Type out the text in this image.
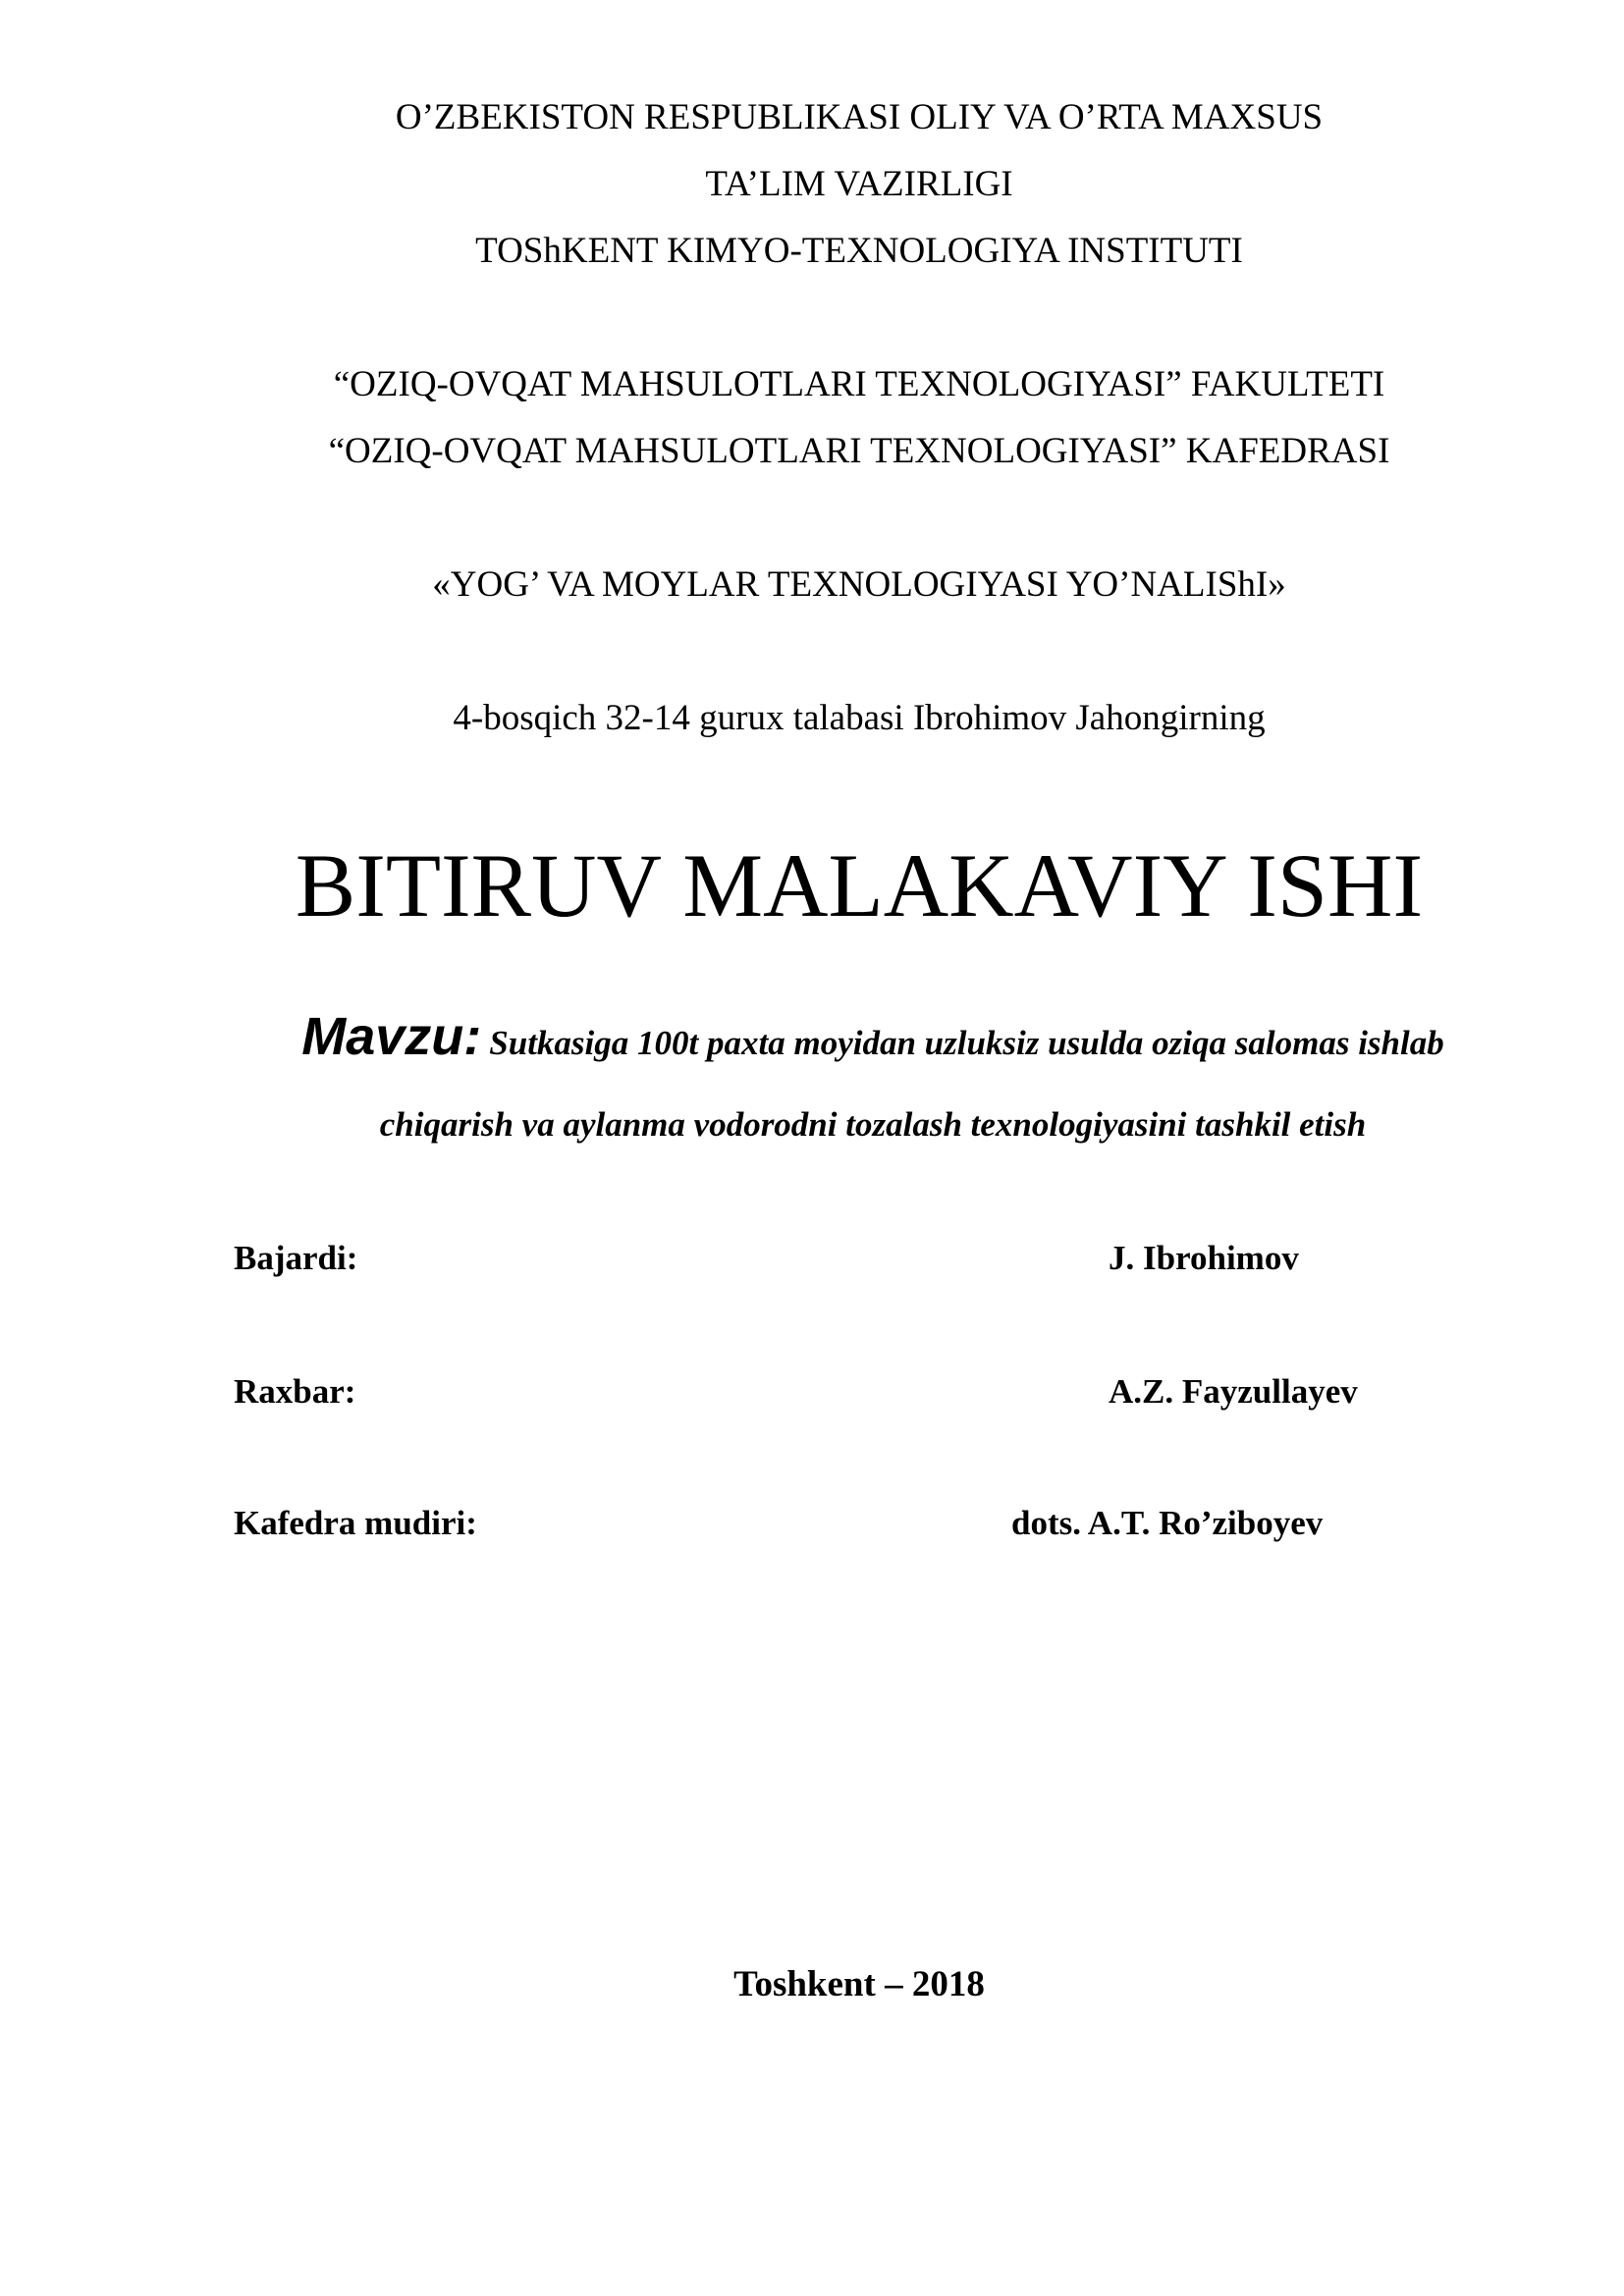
O’ZBEKISTON RESPUBLIKASI OLIY VA O’RTA MAXSUS
TA’LIM VAZIRLIGI
TOShKENT KIMYO-TEXNOLOGIYA INSTITUTI
“OZIQ-OVQAT MAHSULOTLARI TEXNOLOGIYASI” FAKULTETI
“OZIQ-OVQAT MAHSULOTLARI TEXNOLOGIYASI” KAFEDRASI
«YOG’ VA MOYLAR TEXNOLOGIYASI YO’NALIShI»
4-bosqich 32-14 gurux talabasi Ibrohimov Jahongirning
BITIRUV MALAKAVIY ISHI
Mavzu: Sutkasiga 100t paxta moyidan uzluksiz usulda oziqa salomas ishlab
chiqarish va aylanma vodorodni tozalash texnologiyasini tashkil etish
Bajardi:	J. Ibrohimov
Raxbar:	A.Z. Fayzullayev
Kafedra mudiri:	dots. A.T. Ro’ziboyev
Toshkent – 2018
